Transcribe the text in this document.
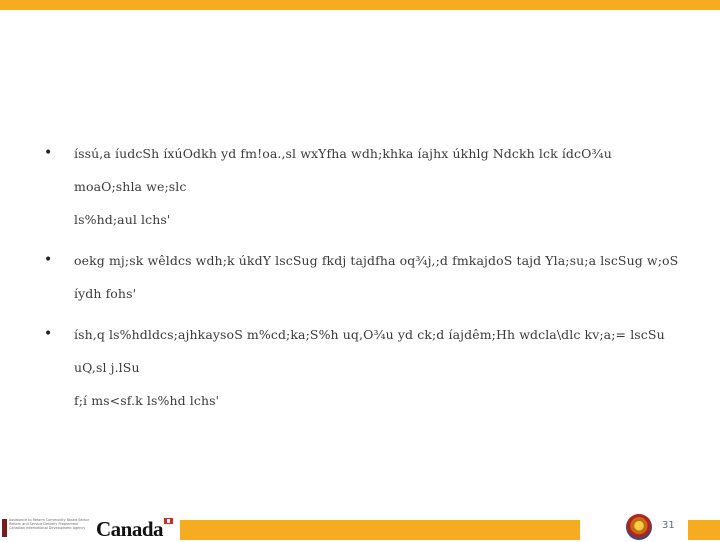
• íssú,a íudcSh íxúOdkh yd fm!oa.,sl wxYfha wdh;khka íajhx úkhlg Ndckh lck ídcO¾u moaO;shla we;slc
ls%hd;aul lchs'
• oekg mj;sk wêldcs wdh;k úkdY lscSug fkdj tajdfha oq¾j,;d fmkajdoS tajd Yla;su;a lscSug w;oS íydh fohs'
• ísh,q ls%hdldcs;ajhkaysoS m%cd;ka;S%h uq,O¾u yd ck;d íajdêm;Hh wdcla\dlc kv;a;= lscSu uQ,sl j.lSu
f;í ms<sf.k ls%hd lchs'
Assistance to Reform Community Based Sector Reform and Service Delivery Programme Canadian International Development Agency Canada	31
